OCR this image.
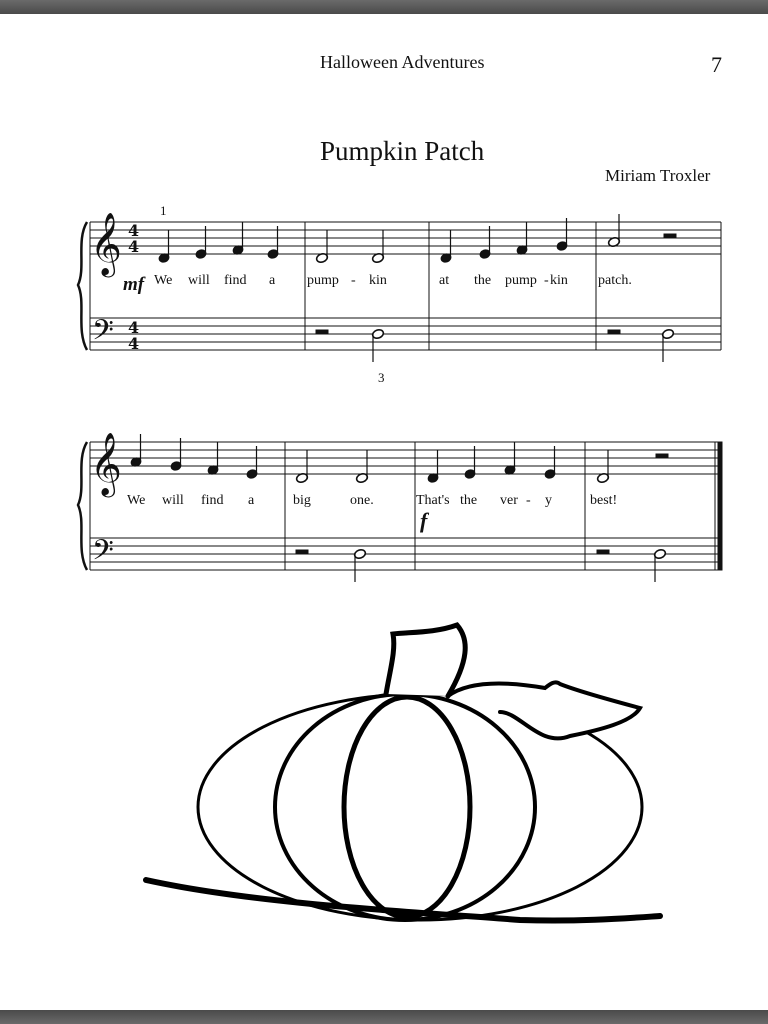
Halloween Adventures	7
Pumpkin Patch
Miriam Troxler
1
mf We will find a pump - kin	at the pump - kin patch.
3
We will find a	big	one.	That's the ver - y	best!
f
𝄞
𝄢
𝄞
𝄢
4
4
4
4
